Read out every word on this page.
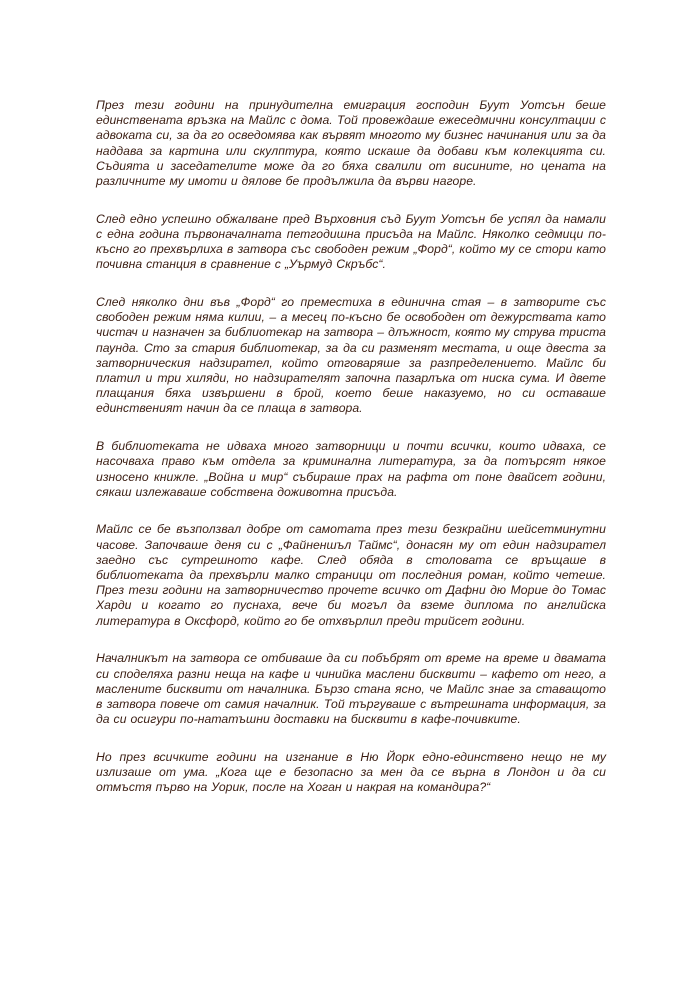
През тези години на принудителна емиграция господин Буут Уотсън беше единствената връзка на Майлс с дома. Той провеждаше ежеседмични консултации с адвоката си, за да го осведомява как вървят многото му бизнес начинания или за да наддава за картина или скулптура, която искаше да добави към колекцията си. Съдията и заседателите може да го бяха свалили от висините, но цената на различните му имоти и дялове бе продължила да върви нагоре.

След едно успешно обжалване пред Върховния съд Буут Уотсън бе успял да намали с една година първоначалната петгодишна присъда на Майлс. Няколко седмици по-късно го прехвърлиха в затвора със свободен режим „Форд“, който му се стори като почивна станция в сравнение с „Уърмуд Скръбс“.

След няколко дни във „Форд“ го преместиха в единична стая – в затворите със свободен режим няма килии, – а месец по-късно бе освободен от дежурствата като чистач и назначен за библиотекар на затвора – длъжност, която му струва триста паунда. Сто за стария библиотекар, за да си разменят местата, и още двеста за затворническия надзирател, който отговаряше за разпределението. Майлс би платил и три хиляди, но надзирателят започна пазарлъка от ниска сума. И двете плащания бяха извършени в брой, което беше наказуемо, но си оставаше единственият начин да се плаща в затвора.

В библиотеката не идваха много затворници и почти всички, които идваха, се насочваха право към отдела за криминална литература, за да потърсят някое износено книжле. „Война и мир“ събираше прах на рафта от поне двайсет години, сякаш излежаваше собствена доживотна присъда.

Майлс се бе възползвал добре от самотата през тези безкрайни шейсетминутни часове. Започваше деня си с „Файненшъл Таймс“, донасян му от един надзирател заедно със сутрешното кафе. След обяда в столовата се връщаше в библиотеката да прехвърли малко страници от последния роман, който четеше. През тези години на затворничество прочете всичко от Дафни дю Морие до Томас Харди и когато го пуснаха, вече би могъл да вземе диплома по английска литература в Оксфорд, който го бе отхвърлил преди трийсет години.

Началникът на затвора се отбиваше да си побъбрят от време на време и двамата си споделяха разни неща на кафе и чинийка маслени бисквити – кафето от него, а маслените бисквити от началника. Бързо стана ясно, че Майлс знае за ставащото в затвора повече от самия началник. Той търгуваше с вътрешната информация, за да си осигури по-нататъшни доставки на бисквити в кафе-почивките.

Но през всичките години на изгнание в Ню Йорк едно-единствено нещо не му излизаше от ума. „Кога ще е безопасно за мен да се върна в Лондон и да си отмъстя първо на Уорик, после на Хоган и накрая на командира?“
